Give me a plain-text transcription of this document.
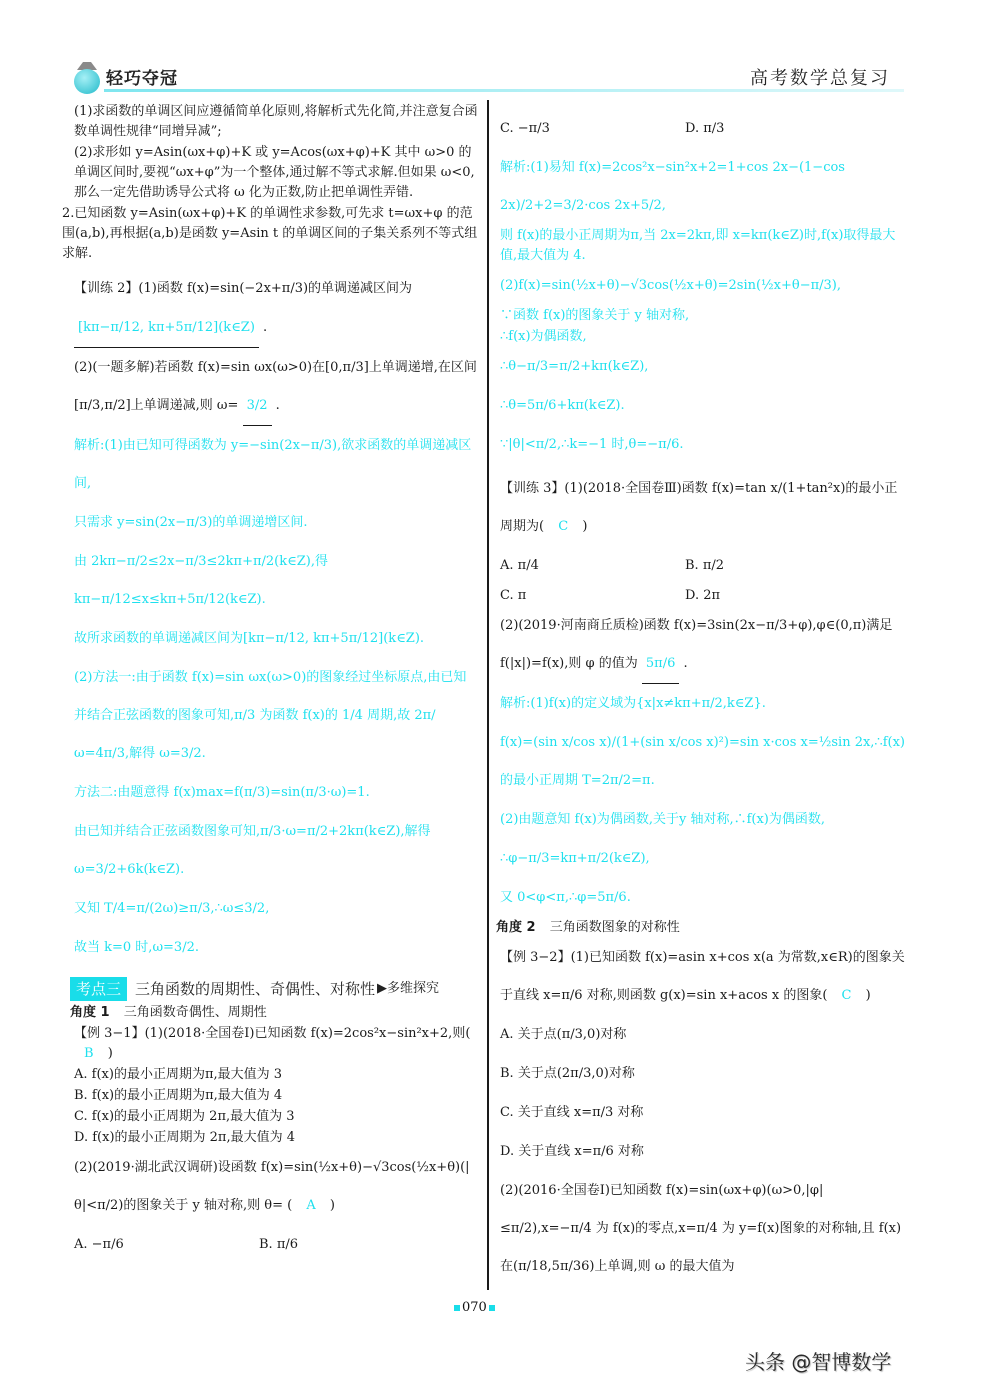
轻巧夺冠	高考数学总复习
(1)求函数的单调区间应遵循简单化原则,将解析式先化简,并注意复合函数单调性规律“同增异减”;
(2)求形如 y=Asin(ωx+φ)+K 或 y=Acos(ωx+φ)+K 其中 ω>0 的单调区间时,要视“ωx+φ”为一个整体,通过解不等式求解.但如果 ω<0,那么一定先借助诱导公式将 ω 化为正数,防止把单调性弄错.
2.已知函数 y=Asin(ωx+φ)+K 的单调性求参数,可先求 t=ωx+φ 的范围(a,b),再根据(a,b)是函数 y=Asin t 的单调区间的子集关系列不等式组求解.
【训练 2】(1)函数 f(x)=sin(−2x+π/3)的单调递减区间为
[kπ−π/12, kπ+5π/12](k∈Z) .
(2)(一题多解)若函数 f(x)=sin ωx(ω>0)在[0,π/3]上单调递增,在区间[π/3,π/2]上单调递减,则 ω= 3/2 .
解析:(1)由已知可得函数为 y=−sin(2x−π/3),欲求函数的单调递减区间,
只需求 y=sin(2x−π/3)的单调递增区间.
由 2kπ−π/2≤2x−π/3≤2kπ+π/2(k∈Z),得 kπ−π/12≤x≤kπ+5π/12(k∈Z).
故所求函数的单调递减区间为[kπ−π/12, kπ+5π/12](k∈Z).
(2)方法一:由于函数 f(x)=sin ωx(ω>0)的图象经过坐标原点,由已知并结合正弦函数的图象可知,π/3 为函数 f(x)的 1/4 周期,故 2π/ω=4π/3,解得 ω=3/2.
方法二:由题意得 f(x)max=f(π/3)=sin(π/3·ω)=1.
由已知并结合正弦函数图象可知,π/3·ω=π/2+2kπ(k∈Z),解得 ω=3/2+6k(k∈Z).
又知 T/4=π/(2ω)≥π/3,∴ω≤3/2,
故当 k=0 时,ω=3/2.
考点三 三角函数的周期性、奇偶性、对称性 ▶多维探究
角度 1 三角函数奇偶性、周期性
【例 3−1】(1)(2018·全国卷Ⅰ)已知函数 f(x)=2cos²x−sin²x+2,则( B )
A. f(x)的最小正周期为π,最大值为 3
B. f(x)的最小正周期为π,最大值为 4
C. f(x)的最小正周期为 2π,最大值为 3
D. f(x)的最小正周期为 2π,最大值为 4
(2)(2019·湖北武汉调研)设函数 f(x)=sin(½x+θ)−√3cos(½x+θ)(|θ|<π/2)的图象关于 y 轴对称,则 θ= ( A )
A. −π/6	B. π/6
C. −π/3	D. π/3
解析:(1)易知 f(x)=2cos²x−sin²x+2=1+cos 2x−(1−cos 2x)/2+2=3/2·cos 2x+5/2,
则 f(x)的最小正周期为π,当 2x=2kπ,即 x=kπ(k∈Z)时,f(x)取得最大值,最大值为 4.
(2)f(x)=sin(½x+θ)−√3cos(½x+θ)=2sin(½x+θ−π/3),
∵函数 f(x)的图象关于 y 轴对称,
∴f(x)为偶函数,
∴θ−π/3=π/2+kπ(k∈Z),
∴θ=5π/6+kπ(k∈Z).
∵|θ|<π/2,∴k=−1 时,θ=−π/6.
【训练 3】(1)(2018·全国卷Ⅲ)函数 f(x)=tan x/(1+tan²x)的最小正周期为( C )
A. π/4	B. π/2
C. π	D. 2π
(2)(2019·河南商丘质检)函数 f(x)=3sin(2x−π/3+φ),φ∈(0,π)满足 f(|x|)=f(x),则 φ 的值为 5π/6 .
解析:(1)f(x)的定义域为{x|x≠kπ+π/2,k∈Z}.
f(x)=(sin x/cos x)/(1+(sin x/cos x)²)=sin x·cos x=½sin 2x,∴f(x)的最小正周期 T=2π/2=π.
(2)由题意知 f(x)为偶函数,关于y 轴对称,∴f(x)为偶函数,
∴φ−π/3=kπ+π/2(k∈Z),
又 0<φ<π,∴φ=5π/6.
角度 2 三角函数图象的对称性
【例 3−2】(1)已知函数 f(x)=asin x+cos x(a 为常数,x∈R)的图象关于直线 x=π/6 对称,则函数 g(x)=sin x+acos x 的图象( C )
A. 关于点(π/3,0)对称
B. 关于点(2π/3,0)对称
C. 关于直线 x=π/3 对称
D. 关于直线 x=π/6 对称
(2)(2016·全国卷Ⅰ)已知函数 f(x)=sin(ωx+φ)(ω>0,|φ|≤π/2),x=−π/4 为 f(x)的零点,x=π/4 为 y=f(x)图象的对称轴,且 f(x)在(π/18,5π/36)上单调,则 ω 的最大值为
070
头条 @智博数学
